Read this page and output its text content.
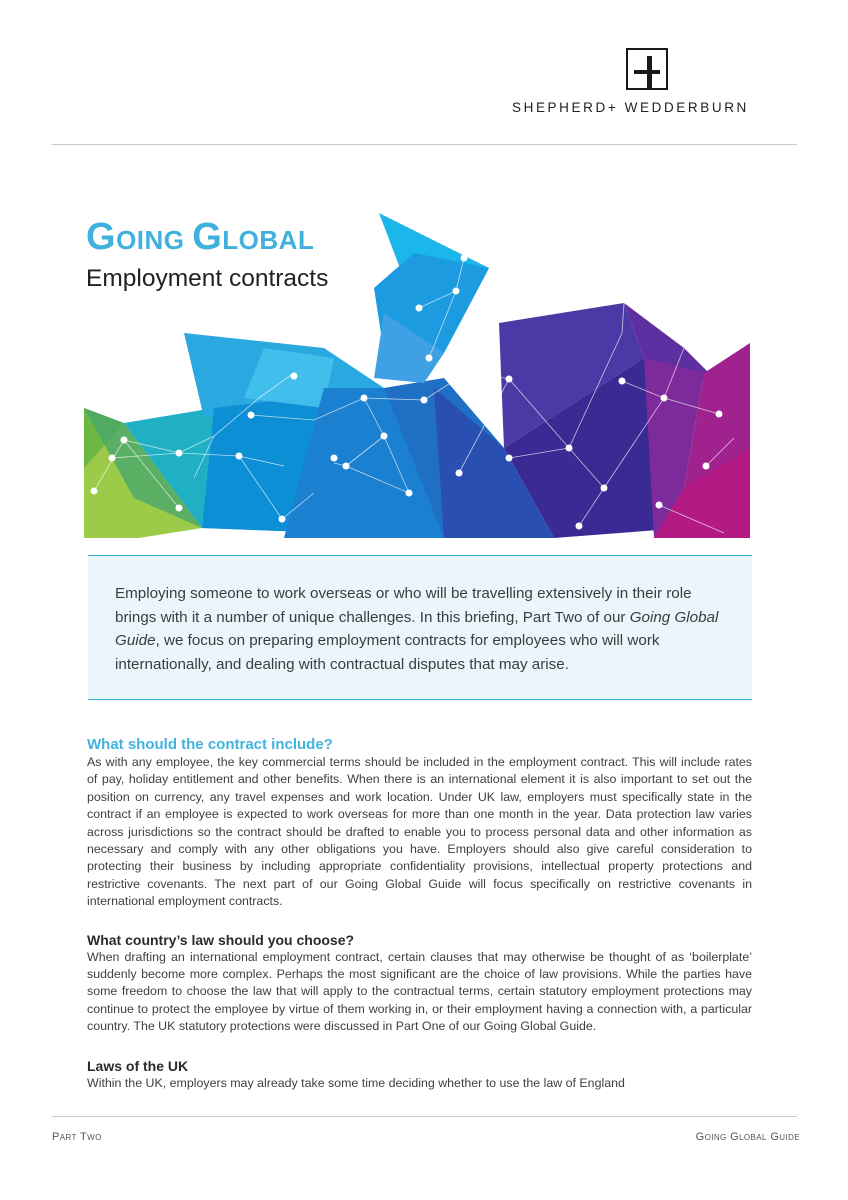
SHEPHERD+ WEDDERBURN
GOING GLOBAL
Employment contracts

Employing someone to work overseas or who will be travelling extensively in their role brings with it a number of unique challenges. In this briefing, Part Two of our Going Global Guide, we focus on preparing employment contracts for employees who will work internationally, and dealing with contractual disputes that may arise.

What should the contract include?

As with any employee, the key commercial terms should be included in the employment contract. This will include rates of pay, holiday entitlement and other benefits. When there is an international element it is also important to set out the position on currency, any travel expenses and work location. Under UK law, employers must specifically state in the contract if an employee is expected to work overseas for more than one month in the year. Data protection law varies across jurisdictions so the contract should be drafted to enable you to process personal data and other information as necessary and comply with any other obligations you have. Employers should also give careful consideration to protecting their business by including appropriate confidentiality provisions, intellectual property protections and restrictive covenants. The next part of our Going Global Guide will focus specifically on restrictive covenants in international employment contracts.

What country’s law should you choose?

When drafting an international employment contract, certain clauses that may otherwise be thought of as ‘boilerplate’ suddenly become more complex. Perhaps the most significant are the choice of law provisions. While the parties have some freedom to choose the law that will apply to the contractual terms, certain statutory employment protections may continue to protect the employee by virtue of them working in, or their employment having a connection with, a particular country. The UK statutory protections were discussed in Part One of our Going Global Guide.

Laws of the UK

Within the UK, employers may already take some time deciding whether to use the law of England

Part Two	Going Global Guide
